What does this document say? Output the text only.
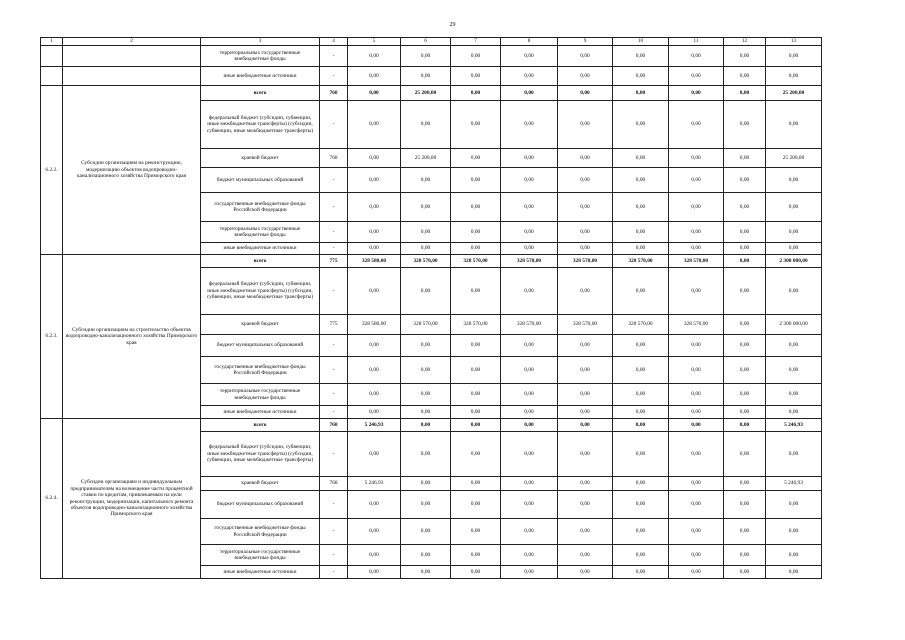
29
1	2	3	4	5	6	7	8	9	10	11	12	13
		территориальных государственные внебюджетные фонды	-	0,00	0,00	0,00	0,00	0,00	0,00	0,00	0,00	0,00
		иные внебюджетные источники	-	0,00	0,00	0,00	0,00	0,00	0,00	0,00	0,00	0,00
6.2.2.	Субсидии организациям на реконструкцию, модернизацию объектов водопроводно-канализационного хозяйства Приморского края	всего	768	0,00	25 200,00	0,00	0,00	0,00	0,00	0,00	0,00	25 200,00
		федеральный бюджет (субсидии, субвенции, иные межбюджетные трансферты) (субсидии, субвенции, иные межбюджетные трансферты)	-	0,00	0,00	0,00	0,00	0,00	0,00	0,00	0,00	0,00
		краевой бюджет	768	0,00	25 200,00	0,00	0,00	0,00	0,00	0,00	0,00	25 200,00
		бюджет муниципальных образований	-	0,00	0,00	0,00	0,00	0,00	0,00	0,00	0,00	0,00
		государственные внебюджетные фонды Российской Федерации	-	0,00	0,00	0,00	0,00	0,00	0,00	0,00	0,00	0,00
		территориальных государственные внебюджетные фонды	-	0,00	0,00	0,00	0,00	0,00	0,00	0,00	0,00	0,00
		иные внебюджетные источники	-	0,00	0,00	0,00	0,00	0,00	0,00	0,00	0,00	0,00
6.2.3.	Субсидии организациям на строительство объектов водопроводно-канализационного хозяйства Приморского края	всего	775	328 580,00	328 570,00	328 570,00	328 570,00	328 570,00	328 570,00	328 570,00	0,00	2 300 000,00
		федеральный бюджет (субсидии, субвенции, иные межбюджетные трансферты) (субсидии, субвенции, иные межбюджетные трансферты)	-	0,00	0,00	0,00	0,00	0,00	0,00	0,00	0,00	0,00
		краевой бюджет	775	328 580,00	328 570,00	328 570,00	328 570,00	328 570,00	328 570,00	328 570,00	0,00	2 300 000,00
		бюджет муниципальных образований	-	0,00	0,00	0,00	0,00	0,00	0,00	0,00	0,00	0,00
		государственные внебюджетные фонды Российской Федерации	-	0,00	0,00	0,00	0,00	0,00	0,00	0,00	0,00	0,00
		территориальные государственные внебюджетные фонды	-	0,00	0,00	0,00	0,00	0,00	0,00	0,00	0,00	0,00
		иные внебюджетные источники	-	0,00	0,00	0,00	0,00	0,00	0,00	0,00	0,00	0,00
6.2.4.	Субсидии организациям и индивидуальным предпринимателям на возмещение части процентной ставки по кредитам, привлекаемым на цели реконструкции, модернизации, капитального ремонта объектов водопроводно-канализационного хозяйства Приморского края	всего	768	5 246,93	0,00	0,00	0,00	0,00	0,00	0,00	0,00	5 246,93
		федеральный бюджет (субсидии, субвенции, иные межбюджетные трансферты) (субсидии, субвенции, иные межбюджетные трансферты)	-	0,00	0,00	0,00	0,00	0,00	0,00	0,00	0,00	0,00
		краевой бюджет	768	5 246,93	0,00	0,00	0,00	0,00	0,00	0,00	0,00	5 246,93
		бюджет муниципальных образований	-	0,00	0,00	0,00	0,00	0,00	0,00	0,00	0,00	0,00
		государственные внебюджетные фонды Российской Федерации	-	0,00	0,00	0,00	0,00	0,00	0,00	0,00	0,00	0,00
		территориальные государственные внебюджетные фонды	-	0,00	0,00	0,00	0,00	0,00	0,00	0,00	0,00	0,00
		иные внебюджетные источники	-	0,00	0,00	0,00	0,00	0,00	0,00	0,00	0,00	0,00
